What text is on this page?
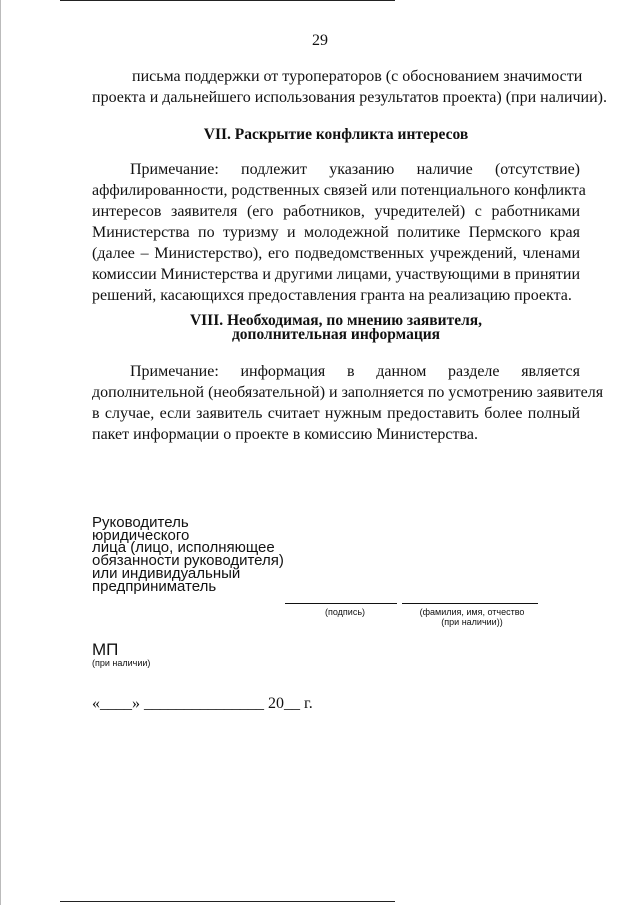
29
письма поддержки от туроператоров (с обоснованием значимости
проекта и дальнейшего использования результатов проекта) (при наличии).
VII. Раскрытие конфликта интересов
Примечание: подлежит указанию наличие (отсутствие)
аффилированности, родственных связей или потенциального конфликта
интересов заявителя (его работников, учредителей) с работниками
Министерства по туризму и молодежной политике Пермского края
(далее – Министерство), его подведомственных учреждений, членами
комиссии Министерства и другими лицами, участвующими в принятии
решений, касающихся предоставления гранта на реализацию проекта.
VIII. Необходимая, по мнению заявителя,
дополнительная информация
Примечание: информация в данном разделе является
дополнительной (необязательной) и заполняется по усмотрению заявителя
в случае, если заявитель считает нужным предоставить более полный
пакет информации о проекте в комиссию Министерства.
Руководитель
юридического
лица (лицо, исполняющее
обязанности руководителя)
или индивидуальный
предприниматель
(подпись)	(фамилия, имя, отчество
(при наличии))
МП
(при наличии)
«____» _______________ 20__ г.
